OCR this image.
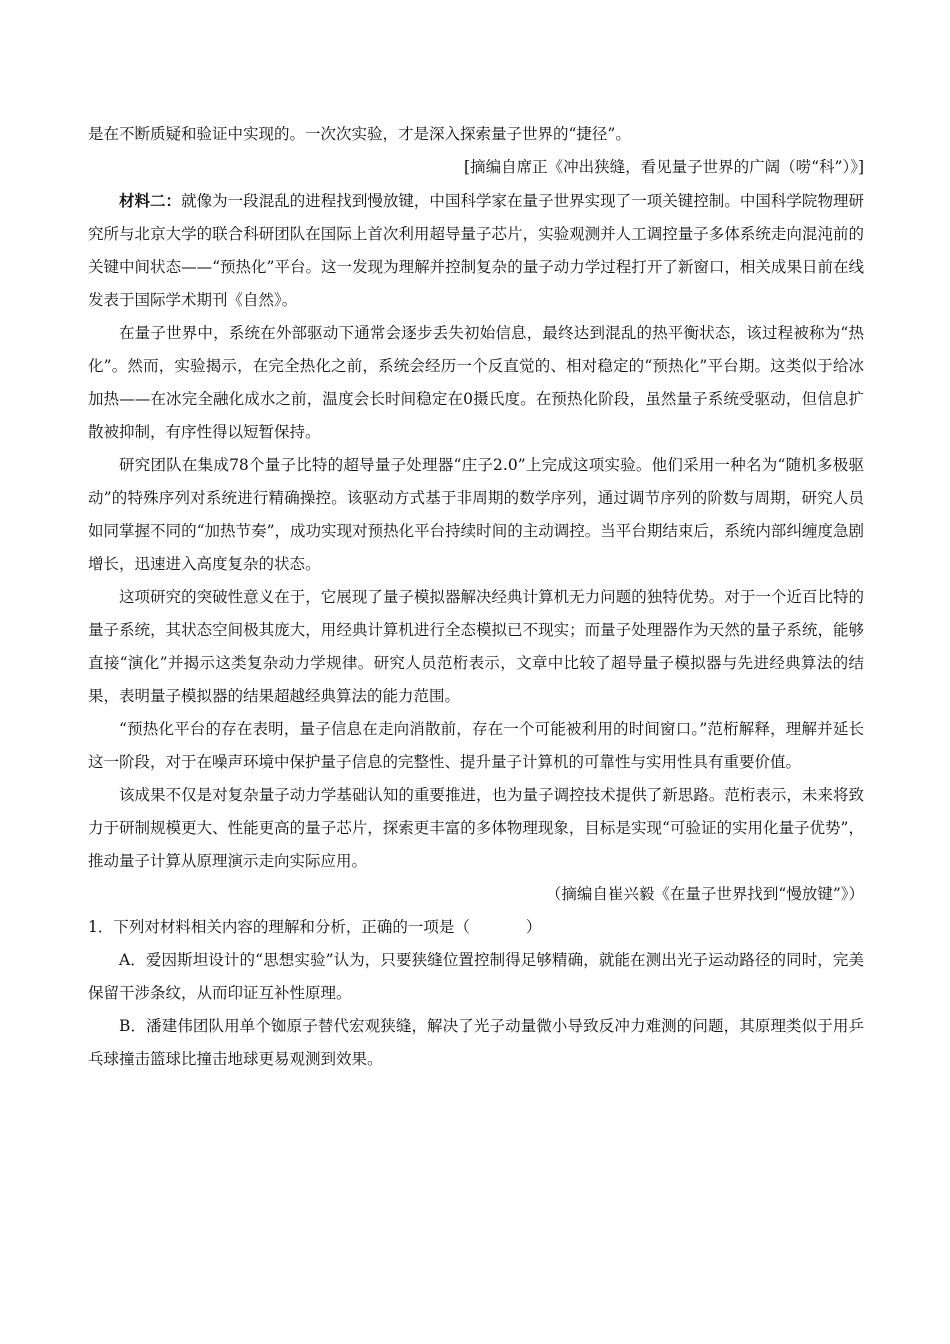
是在不断质疑和验证中实现的。一次次实验，才是深入探索量子世界的“捷径”。

[摘编自席正《冲出狭缝，看见量子世界的广阔（唠“科”）》]

材料二：就像为一段混乱的进程找到慢放键，中国科学家在量子世界实现了一项关键控制。中国科学院物理研究所与北京大学的联合科研团队在国际上首次利用超导量子芯片，实验观测并人工调控量子多体系统走向混沌前的关键中间状态——“预热化”平台。这一发现为理解并控制复杂的量子动力学过程打开了新窗口，相关成果日前在线发表于国际学术期刊《自然》。

在量子世界中，系统在外部驱动下通常会逐步丢失初始信息，最终达到混乱的热平衡状态，该过程被称为“热化”。然而，实验揭示，在完全热化之前，系统会经历一个反直觉的、相对稳定的“预热化”平台期。这类似于给冰加热——在冰完全融化成水之前，温度会长时间稳定在0摄氏度。在预热化阶段，虽然量子系统受驱动，但信息扩散被抑制，有序性得以短暂保持。

研究团队在集成78个量子比特的超导量子处理器“庄子2.0”上完成这项实验。他们采用一种名为“随机多极驱动”的特殊序列对系统进行精确操控。该驱动方式基于非周期的数学序列，通过调节序列的阶数与周期，研究人员如同掌握不同的“加热节奏”，成功实现对预热化平台持续时间的主动调控。当平台期结束后，系统内部纠缠度急剧增长，迅速进入高度复杂的状态。

这项研究的突破性意义在于，它展现了量子模拟器解决经典计算机无力问题的独特优势。对于一个近百比特的量子系统，其状态空间极其庞大，用经典计算机进行全态模拟已不现实；而量子处理器作为天然的量子系统，能够直接“演化”并揭示这类复杂动力学规律。研究人员范桁表示，文章中比较了超导量子模拟器与先进经典算法的结果，表明量子模拟器的结果超越经典算法的能力范围。

“预热化平台的存在表明，量子信息在走向消散前，存在一个可能被利用的时间窗口。”范桁解释，理解并延长这一阶段，对于在噪声环境中保护量子信息的完整性、提升量子计算机的可靠性与实用性具有重要价值。

该成果不仅是对复杂量子动力学基础认知的重要推进，也为量子调控技术提供了新思路。范桁表示，未来将致力于研制规模更大、性能更高的量子芯片，探索更丰富的多体物理现象，目标是实现“可验证的实用化量子优势”，推动量子计算从原理演示走向实际应用。

（摘编自崔兴毅《在量子世界找到“慢放键”》）

1．下列对材料相关内容的理解和分析，正确的一项是（	）

A．爱因斯坦设计的“思想实验”认为，只要狭缝位置控制得足够精确，就能在测出光子运动路径的同时，完美保留干涉条纹，从而印证互补性原理。

B．潘建伟团队用单个铷原子替代宏观狭缝，解决了光子动量微小导致反冲力难测的问题，其原理类似于用乒乓球撞击篮球比撞击地球更易观测到效果。
